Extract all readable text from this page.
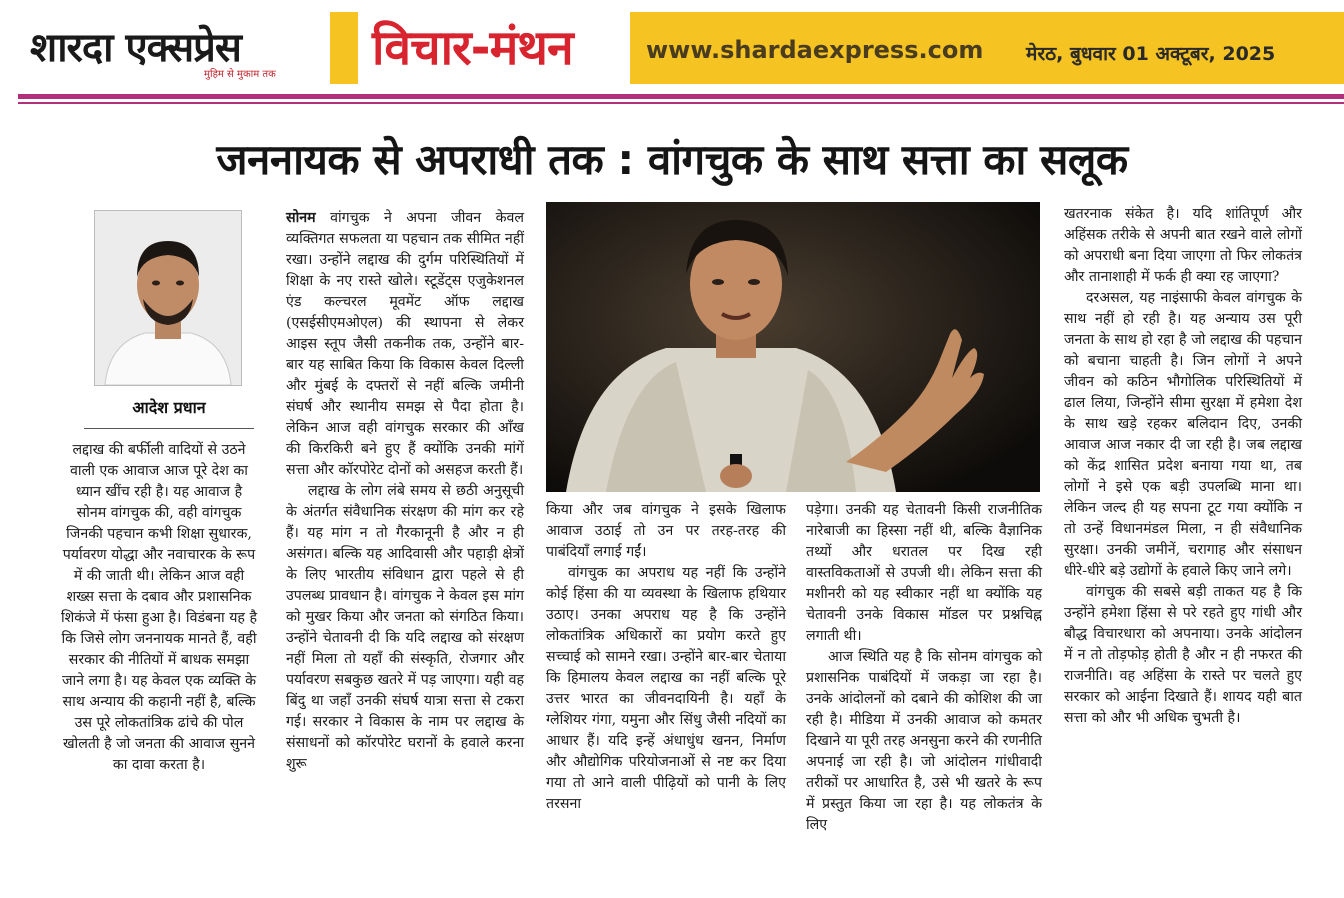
शारदा एक्सप्रेस
मुहिम से मुकाम तक विचार-मंथन	www.shardaexpress.com मेरठ, बुधवार 01 अक्टूबर, 2025
जननायक से अपराधी तक : वांगचुक के साथ सत्ता का सलूक
आदेश प्रधान

लद्दाख की बर्फीली वादियों से उठने वाली एक आवाज आज पूरे देश का ध्यान खींच रही है। यह आवाज है सोनम वांगचुक की, वही वांगचुक जिनकी पहचान कभी शिक्षा सुधारक, पर्यावरण योद्धा और नवाचारक के रूप में की जाती थी। लेकिन आज वही शख्स सत्ता के दबाव और प्रशासनिक शिकंजे में फंसा हुआ है। विडंबना यह है कि जिसे लोग जननायक मानते हैं, वही सरकार की नीतियों में बाधक समझा जाने लगा है। यह केवल एक व्यक्ति के साथ अन्याय की कहानी नहीं है, बल्कि उस पूरे लोकतांत्रिक ढांचे की पोल खोलती है जो जनता की आवाज सुनने का दावा करता है।

सोनम वांगचुक ने अपना जीवन केवल व्यक्तिगत सफलता या पहचान तक सीमित नहीं रखा। उन्होंने लद्दाख की दुर्गम परिस्थितियों में शिक्षा के नए रास्ते खोले। स्टूडेंट्स एजुकेशनल एंड कल्चरल मूवमेंट ऑफ लद्दाख (एसईसीएमओएल) की स्थापना से लेकर आइस स्तूप जैसी तकनीक तक, उन्होंने बार-बार यह साबित किया कि विकास केवल दिल्ली और मुंबई के दफ्तरों से नहीं बल्कि जमीनी संघर्ष और स्थानीय समझ से पैदा होता है। लेकिन आज वही वांगचुक सरकार की आँख की किरकिरी बने हुए हैं क्योंकि उनकी मांगें सत्ता और कॉरपोरेट दोनों को असहज करती हैं।

लद्दाख के लोग लंबे समय से छठी अनुसूची के अंतर्गत संवैधानिक संरक्षण की मांग कर रहे हैं। यह मांग न तो गैरकानूनी है और न ही असंगत। बल्कि यह आदिवासी और पहाड़ी क्षेत्रों के लिए भारतीय संविधान द्वारा पहले से ही उपलब्ध प्रावधान है। वांगचुक ने केवल इस मांग को मुखर किया और जनता को संगठित किया। उन्होंने चेतावनी दी कि यदि लद्दाख को संरक्षण नहीं मिला तो यहाँ की संस्कृति, रोजगार और पर्यावरण सबकुछ खतरे में पड़ जाएगा। यही वह बिंदु था जहाँ उनकी संघर्ष यात्रा सत्ता से टकरा गई। सरकार ने विकास के नाम पर लद्दाख के संसाधनों को कॉरपोरेट घरानों के हवाले करना शुरू

किया और जब वांगचुक ने इसके खिलाफ आवाज उठाई तो उन पर तरह-तरह की पाबंदियाँ लगाई गईं।

वांगचुक का अपराध यह नहीं कि उन्होंने कोई हिंसा की या व्यवस्था के खिलाफ हथियार उठाए। उनका अपराध यह है कि उन्होंने लोकतांत्रिक अधिकारों का प्रयोग करते हुए सच्चाई को सामने रखा। उन्होंने बार-बार चेताया कि हिमालय केवल लद्दाख का नहीं बल्कि पूरे उत्तर भारत का जीवनदायिनी है। यहाँ के ग्लेशियर गंगा, यमुना और सिंधु जैसी नदियों का आधार हैं। यदि इन्हें अंधाधुंध खनन, निर्माण और औद्योगिक परियोजनाओं से नष्ट कर दिया गया तो आने वाली पीढ़ियों को पानी के लिए तरसना

पड़ेगा। उनकी यह चेतावनी किसी राजनीतिक नारेबाजी का हिस्सा नहीं थी, बल्कि वैज्ञानिक तथ्यों और धरातल पर दिख रही वास्तविकताओं से उपजी थी। लेकिन सत्ता की मशीनरी को यह स्वीकार नहीं था क्योंकि यह चेतावनी उनके विकास मॉडल पर प्रश्नचिह्न लगाती थी।

आज स्थिति यह है कि सोनम वांगचुक को प्रशासनिक पाबंदियों में जकड़ा जा रहा है। उनके आंदोलनों को दबाने की कोशिश की जा रही है। मीडिया में उनकी आवाज को कमतर दिखाने या पूरी तरह अनसुना करने की रणनीति अपनाई जा रही है। जो आंदोलन गांधीवादी तरीकों पर आधारित है, उसे भी खतरे के रूप में प्रस्तुत किया जा रहा है। यह लोकतंत्र के लिए

खतरनाक संकेत है। यदि शांतिपूर्ण और अहिंसक तरीके से अपनी बात रखने वाले लोगों को अपराधी बना दिया जाएगा तो फिर लोकतंत्र और तानाशाही में फर्क ही क्या रह जाएगा?

दरअसल, यह नाइंसाफी केवल वांगचुक के साथ नहीं हो रही है। यह अन्याय उस पूरी जनता के साथ हो रहा है जो लद्दाख की पहचान को बचाना चाहती है। जिन लोगों ने अपने जीवन को कठिन भौगोलिक परिस्थितियों में ढाल लिया, जिन्होंने सीमा सुरक्षा में हमेशा देश के साथ खड़े रहकर बलिदान दिए, उनकी आवाज आज नकार दी जा रही है। जब लद्दाख को केंद्र शासित प्रदेश बनाया गया था, तब लोगों ने इसे एक बड़ी उपलब्धि माना था। लेकिन जल्द ही यह सपना टूट गया क्योंकि न तो उन्हें विधानमंडल मिला, न ही संवैधानिक सुरक्षा। उनकी जमीनें, चरागाह और संसाधन धीरे-धीरे बड़े उद्योगों के हवाले किए जाने लगे।

वांगचुक की सबसे बड़ी ताकत यह है कि उन्होंने हमेशा हिंसा से परे रहते हुए गांधी और बौद्ध विचारधारा को अपनाया। उनके आंदोलन में न तो तोड़फोड़ होती है और न ही नफरत की राजनीति। वह अहिंसा के रास्ते पर चलते हुए सरकार को आईना दिखाते हैं। शायद यही बात सत्ता को और भी अधिक चुभती है।
